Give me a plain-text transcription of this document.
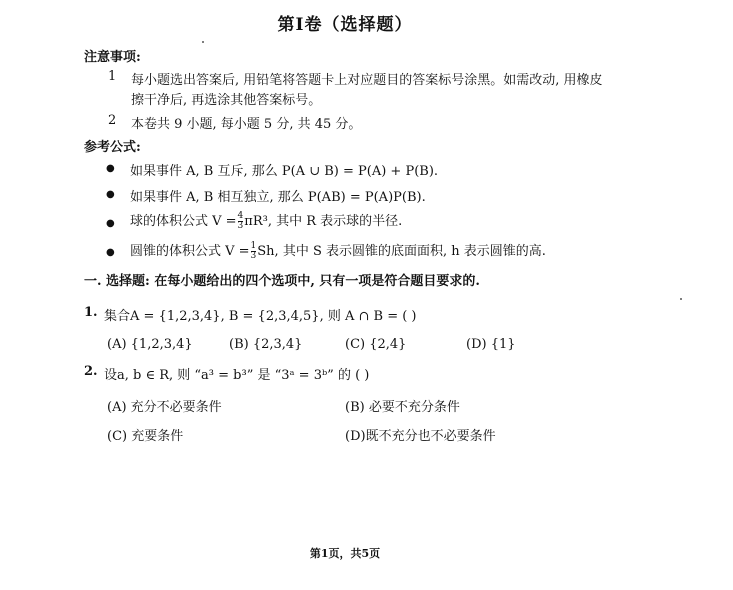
第I卷（选择题）
注意事项:
1 每小题选出答案后, 用铅笔将答题卡上对应题目的答案标号涂黑。如需改动, 用橡皮
擦干净后, 再选涂其他答案标号。
2 本卷共 9 小题, 每小题 5 分, 共 45 分。
参考公式:
● 如果事件 A, B 互斥, 那么 P(A ∪ B) = P(A) + P(B).
● 如果事件 A, B 相互独立, 那么 P(AB) = P(A)P(B).
● 球的体积公式 $V = \frac{4}{3} \pi R^3$, 其中 R 表示球的半径.
● 圆锥的体积公式 $V = \frac{1}{3} Sh$, 其中 S 表示圆锥的底面面积, h 表示圆锥的高.
一. 选择题: 在每小题给出的四个选项中, 只有一项是符合题目要求的.
1. 集合A = {1,2,3,4}, B = {2,3,4,5}, 则 A ∩ B = ( )
(A) {1,2,3,4}	(B) {2,3,4}	(C) {2,4}	(D) {1}
2. 设a, b ∈ R, 则 “a³ = b³” 是 “3ᵃ = 3ᵇ” 的 ( )
(A) 充分不必要条件	(B) 必要不充分条件
(C) 充要条件	(D)既不充分也不必要条件
第1页，共5页
